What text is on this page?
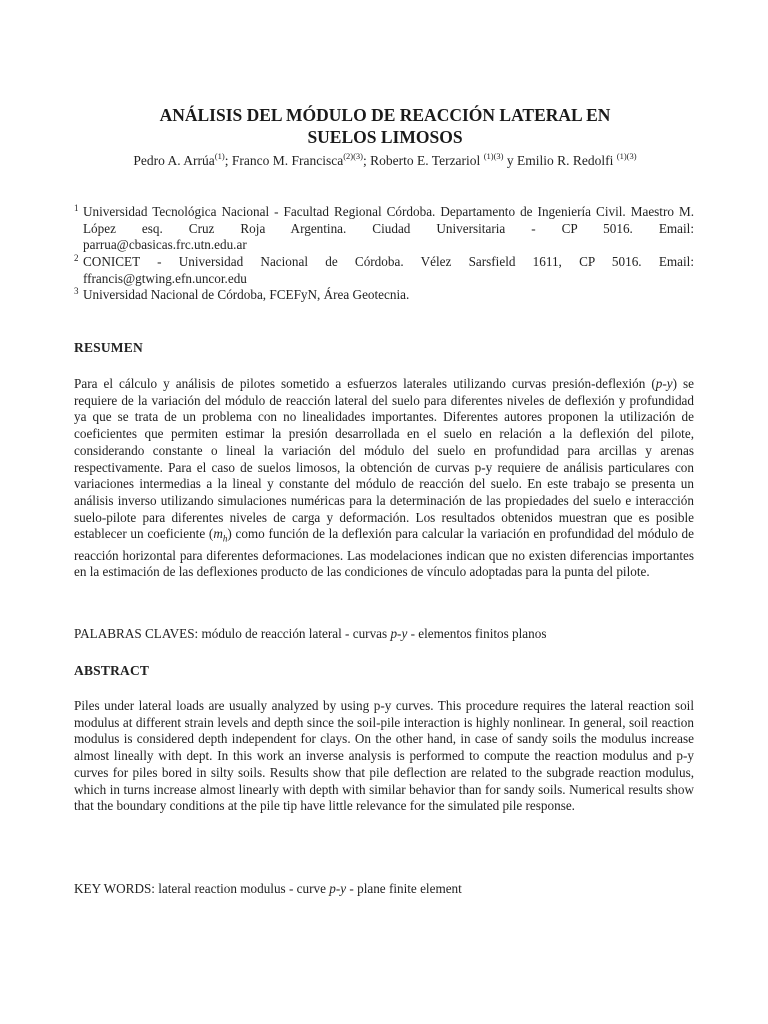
ANÁLISIS DEL MÓDULO DE REACCIÓN LATERAL EN
SUELOS LIMOSOS

Pedro A. Arrúa$^{(1)}$; Franco M. Francisca$^{(2)(3)}$; Roberto E. Terzariol $^{(1)(3)}$ y Emilio R. Redolfi $^{(1)(3)}$

1 Universidad Tecnológica Nacional - Facultad Regional Córdoba. Departamento de Ingeniería Civil. Maestro M. López esq. Cruz Roja Argentina. Ciudad Universitaria - CP 5016. Email:
parrua@cbasicas.frc.utn.edu.ar
2 CONICET - Universidad Nacional de Córdoba. Vélez Sarsfield 1611, CP 5016. Email:
ffrancis@gtwing.efn.uncor.edu
3 Universidad Nacional de Córdoba, FCEFyN, Área Geotecnia.
RESUMEN

Para el cálculo y análisis de pilotes sometido a esfuerzos laterales utilizando curvas presión-deflexión (p-y) se requiere de la variación del módulo de reacción lateral del suelo para diferentes niveles de deflexión y profundidad ya que se trata de un problema con no linealidades importantes. Diferentes autores proponen la utilización de coeficientes que permiten estimar la presión desarrollada en el suelo en relación a la deflexión del pilote, considerando constante o lineal la variación del módulo del suelo en profundidad para arcillas y arenas respectivamente. Para el caso de suelos limosos, la obtención de curvas p-y requiere de análisis particulares con variaciones intermedias a la lineal y constante del módulo de reacción del suelo. En este trabajo se presenta un análisis inverso utilizando simulaciones numéricas para la determinación de las propiedades del suelo e interacción suelo-pilote para diferentes niveles de carga y deformación. Los resultados obtenidos muestran que es posible establecer un coeficiente $(m_h)$ como función de la deflexión para calcular la variación en profundidad del módulo de reacción horizontal para diferentes deformaciones. Las modelaciones indican que no existen diferencias importantes en la estimación de las deflexiones producto de las condiciones de vínculo adoptadas para la punta del pilote.

PALABRAS CLAVES: módulo de reacción lateral - curvas p-y - elementos finitos planos

ABSTRACT

Piles under lateral loads are usually analyzed by using p-y curves. This procedure requires the lateral reaction soil modulus at different strain levels and depth since the soil-pile interaction is highly nonlinear. In general, soil reaction modulus is considered depth independent for clays. On the other hand, in case of sandy soils the modulus increase almost lineally with dept. In this work an inverse analysis is performed to compute the reaction modulus and p-y curves for piles bored in silty soils. Results show that pile deflection are related to the subgrade reaction modulus, which in turns increase almost linearly with depth with similar behavior than for sandy soils. Numerical results show that the boundary conditions at the pile tip have little relevance for the simulated pile response.

KEY WORDS: lateral reaction modulus - curve p-y - plane finite element
